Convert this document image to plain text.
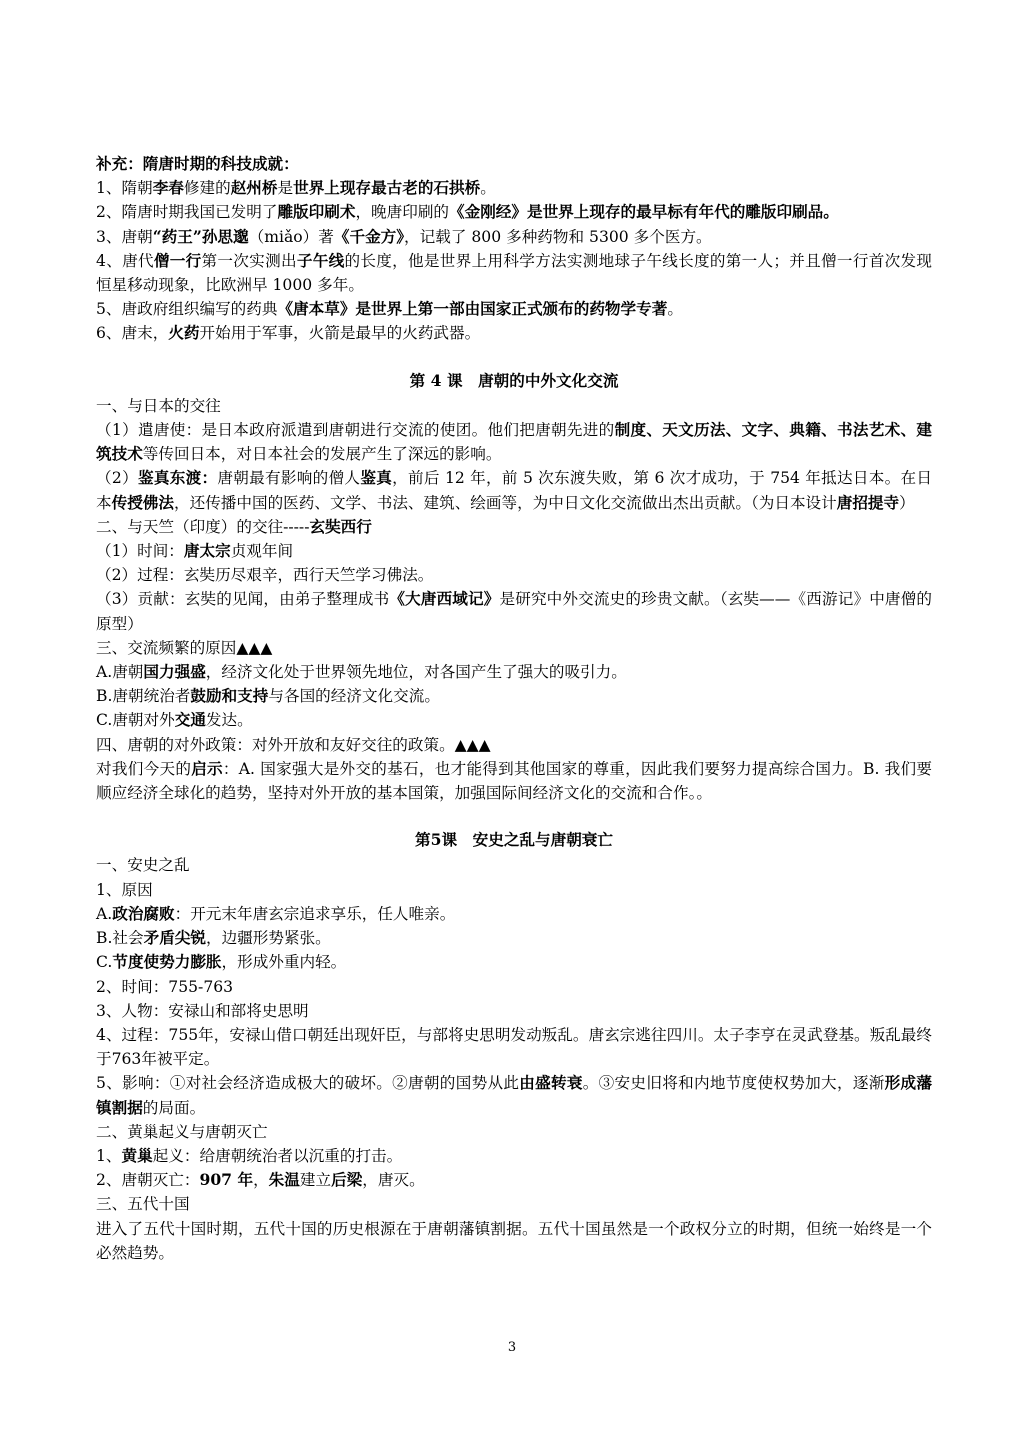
补充：隋唐时期的科技成就：

1、隋朝李春修建的赵州桥是世界上现存最古老的石拱桥。

2、隋唐时期我国已发明了雕版印刷术，晚唐印刷的《金刚经》是世界上现存的最早标有年代的雕版印刷品。

3、唐朝“药王”孙思邈（miǎo）著《千金方》，记载了 800 多种药物和 5300 多个医方。

4、唐代僧一行第一次实测出子午线的长度，他是世界上用科学方法实测地球子午线长度的第一人；并且僧一行首次发现恒星移动现象，比欧洲早 1000 多年。

5、唐政府组织编写的药典《唐本草》是世界上第一部由国家正式颁布的药物学专著。

6、唐末，火药开始用于军事，火箭是最早的火药武器。

第 4 课　唐朝的中外文化交流

一、与日本的交往

（1）遣唐使：是日本政府派遣到唐朝进行交流的使团。他们把唐朝先进的制度、天文历法、文字、典籍、书法艺术、建筑技术等传回日本，对日本社会的发展产生了深远的影响。

（2）鉴真东渡：唐朝最有影响的僧人鉴真，前后 12 年，前 5 次东渡失败，第 6 次才成功，于 754 年抵达日本。在日本传授佛法，还传播中国的医药、文学、书法、建筑、绘画等，为中日文化交流做出杰出贡献。（为日本设计唐招提寺）

二、与天竺（印度）的交往-----玄奘西行

（1）时间：唐太宗贞观年间

（2）过程：玄奘历尽艰辛，西行天竺学习佛法。

（3）贡献：玄奘的见闻，由弟子整理成书《大唐西域记》是研究中外交流史的珍贵文献。（玄奘——《西游记》中唐僧的原型）

三、交流频繁的原因▲▲▲

A.唐朝国力强盛，经济文化处于世界领先地位，对各国产生了强大的吸引力。

B.唐朝统治者鼓励和支持与各国的经济文化交流。

C.唐朝对外交通发达。

四、唐朝的对外政策：对外开放和友好交往的政策。▲▲▲

对我们今天的启示：A. 国家强大是外交的基石，也才能得到其他国家的尊重，因此我们要努力提高综合国力。B. 我们要顺应经济全球化的趋势，坚持对外开放的基本国策，加强国际间经济文化的交流和合作。。

第5课　安史之乱与唐朝衰亡

一、安史之乱

1、原因

A.政治腐败：开元末年唐玄宗追求享乐，任人唯亲。

B.社会矛盾尖锐，边疆形势紧张。

C.节度使势力膨胀，形成外重内轻。

2、时间：755-763

3、人物：安禄山和部将史思明

4、过程：755年，安禄山借口朝廷出现奸臣，与部将史思明发动叛乱。唐玄宗逃往四川。太子李亨在灵武登基。叛乱最终于763年被平定。

5、影响：①对社会经济造成极大的破坏。②唐朝的国势从此由盛转衰。③安史旧将和内地节度使权势加大，逐渐形成藩镇割据的局面。

二、黄巢起义与唐朝灭亡

1、黄巢起义：给唐朝统治者以沉重的打击。

2、唐朝灭亡：907 年，朱温建立后梁，唐灭。

三、五代十国

进入了五代十国时期，五代十国的历史根源在于唐朝藩镇割据。五代十国虽然是一个政权分立的时期，但统一始终是一个必然趋势。

3
